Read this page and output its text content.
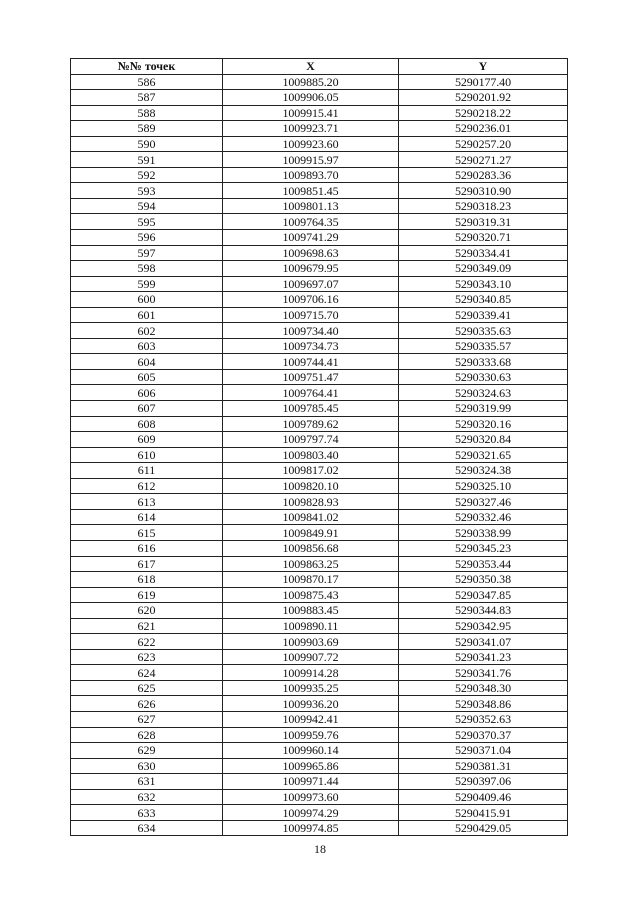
№№ точек	X	Y
586	1009885.20	5290177.40
587	1009906.05	5290201.92
588	1009915.41	5290218.22
589	1009923.71	5290236.01
590	1009923.60	5290257.20
591	1009915.97	5290271.27
592	1009893.70	5290283.36
593	1009851.45	5290310.90
594	1009801.13	5290318.23
595	1009764.35	5290319.31
596	1009741.29	5290320.71
597	1009698.63	5290334.41
598	1009679.95	5290349.09
599	1009697.07	5290343.10
600	1009706.16	5290340.85
601	1009715.70	5290339.41
602	1009734.40	5290335.63
603	1009734.73	5290335.57
604	1009744.41	5290333.68
605	1009751.47	5290330.63
606	1009764.41	5290324.63
607	1009785.45	5290319.99
608	1009789.62	5290320.16
609	1009797.74	5290320.84
610	1009803.40	5290321.65
611	1009817.02	5290324.38
612	1009820.10	5290325.10
613	1009828.93	5290327.46
614	1009841.02	5290332.46
615	1009849.91	5290338.99
616	1009856.68	5290345.23
617	1009863.25	5290353.44
618	1009870.17	5290350.38
619	1009875.43	5290347.85
620	1009883.45	5290344.83
621	1009890.11	5290342.95
622	1009903.69	5290341.07
623	1009907.72	5290341.23
624	1009914.28	5290341.76
625	1009935.25	5290348.30
626	1009936.20	5290348.86
627	1009942.41	5290352.63
628	1009959.76	5290370.37
629	1009960.14	5290371.04
630	1009965.86	5290381.31
631	1009971.44	5290397.06
632	1009973.60	5290409.46
633	1009974.29	5290415.91
634	1009974.85	5290429.05
18
